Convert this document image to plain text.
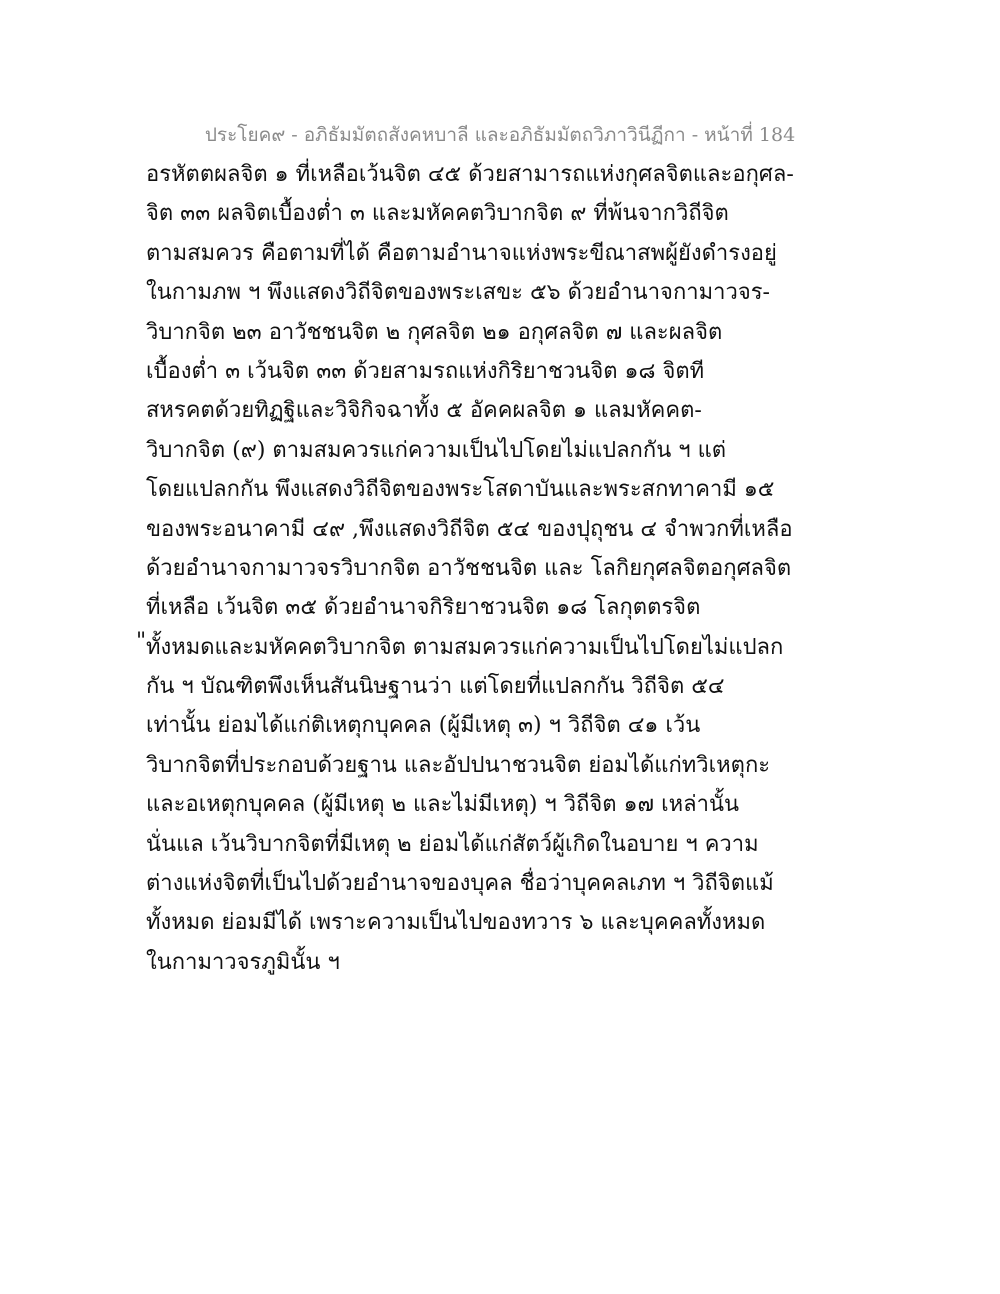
ประโยค๙ - อภิธัมมัตถสังคหบาลี และอภิธัมมัตถวิภาวินีฏีกา - หน้าที่ 184
อรหัตตผลจิต ๑ ที่เหลือเว้นจิต ๔๕ ด้วยสามารถแห่งกุศลจิตและอกุศล-
จิต ๓๓ ผลจิตเบื้องต่ำ ๓ และมหัคคตวิบากจิต ๙ ที่พ้นจากวิถีจิต
ตามสมควร คือตามที่ได้ คือตามอำนาจแห่งพระขีณาสพผู้ยังดำรงอยู่
ในกามภพ ฯ พึงแสดงวิถีจิตของพระเสขะ ๕๖ ด้วยอำนาจกามาวจร-
วิบากจิต ๒๓ อาวัชชนจิต ๒ กุศลจิต ๒๑ อกุศลจิต ๗ และผลจิต
เบื้องต่ำ ๓ เว้นจิต ๓๓ ด้วยสามรถแห่งกิริยาชวนจิต ๑๘ จิตที
สหรคตด้วยทิฏฐิและวิจิกิจฉาทั้ง ๕ อัคคผลจิต ๑ แลมหัคคต-
วิบากจิต (๙) ตามสมควรแก่ความเป็นไปโดยไม่แปลกกัน ฯ แต่
โดยแปลกกัน พึงแสดงวิถีจิตของพระโสดาบันและพระสกทาคามี ๑๕
ของพระอนาคามี ๔๙ ,พึงแสดงวิถีจิต ๕๔ ของปุถุชน ๔ จำพวกที่เหลือ
ด้วยอำนาจกามาวจรวิบากจิต อาวัชชนจิต และ โลกิยกุศลจิตอกุศลจิต
ที่เหลือ เว้นจิต ๓๕ ด้วยอำนาจกิริยาชวนจิต ๑๘ โลกุตตรจิต
" ทั้งหมดและมหัคคตวิบากจิต ตามสมควรแก่ความเป็นไปโดยไม่แปลก
กัน ฯ บัณฑิตพึงเห็นสันนิษฐานว่า แต่โดยที่แปลกกัน วิถีจิต ๕๔
เท่านั้น ย่อมได้แก่ติเหตุกบุคคล (ผู้มีเหตุ ๓) ฯ วิถีจิต ๔๑ เว้น
วิบากจิตที่ประกอบด้วยฐาน และอัปปนาชวนจิต ย่อมได้แก่ทวิเหตุกะ
และอเหตุกบุคคล (ผู้มีเหตุ ๒ และไม่มีเหตุ) ฯ วิถีจิต ๑๗ เหล่านั้น
นั่นแล เว้นวิบากจิตที่มีเหตุ ๒ ย่อมได้แก่สัตว์ผู้เกิดในอบาย ฯ ความ
ต่างแห่งจิตที่เป็นไปด้วยอำนาจของบุคล ชื่อว่าบุคคลเภท ฯ วิถีจิตแม้
ทั้งหมด ย่อมมีได้ เพราะความเป็นไปของทวาร ๖ และบุคคลทั้งหมด
ในกามาวจรภูมินั้น ฯ
